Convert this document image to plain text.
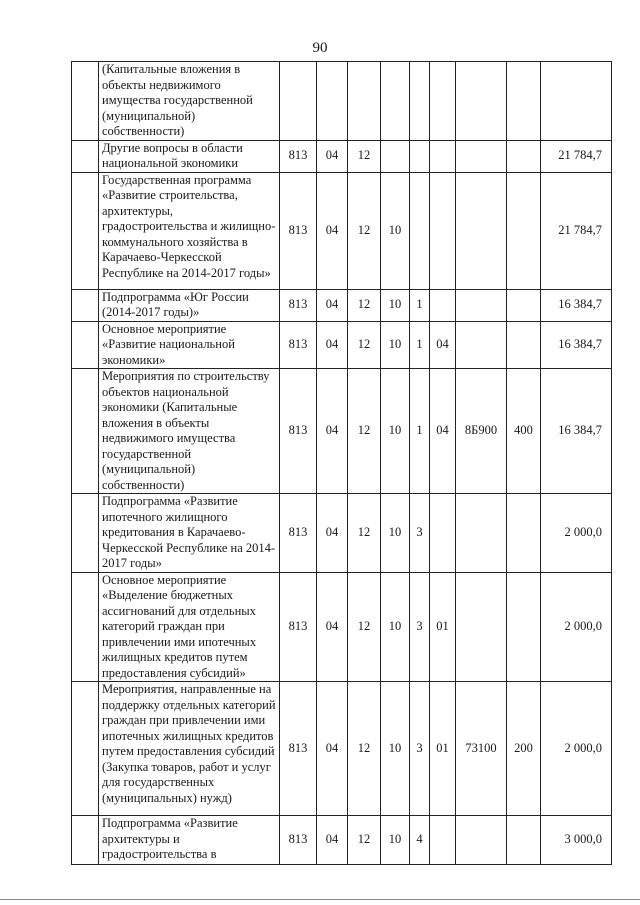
90
	(Капитальные вложения в объекты недвижимого имущества государственной (муниципальной) собственности)									
	Другие вопросы в области национальной экономики	813	04	12						21 784,7
	Государственная программа «Развитие строительства, архитектуры, градостроительства и жилищно-коммунального хозяйства в Карачаево-Черкесской Республике на 2014-2017 годы»	813	04	12	10					21 784,7
	Подпрограмма «Юг России (2014-2017 годы)»	813	04	12	10	1				16 384,7
	Основное мероприятие «Развитие национальной экономики»	813	04	12	10	1	04			16 384,7
	Мероприятия по строительству объектов национальной экономики (Капитальные вложения в объекты недвижимого имущества государственной (муниципальной) собственности)	813	04	12	10	1	04	8Б900	400	16 384,7
	Подпрограмма «Развитие ипотечного жилищного кредитования в Карачаево-Черкесской Республике на 2014-2017 годы»	813	04	12	10	3				2 000,0
	Основное мероприятие «Выделение бюджетных ассигнований для отдельных категорий граждан при привлечении ими ипотечных жилищных кредитов путем предоставления субсидий»	813	04	12	10	3	01			2 000,0
	Мероприятия, направленные на поддержку отдельных категорий граждан при привлечении ими ипотечных жилищных кредитов путем предоставления субсидий (Закупка товаров, работ и услуг для государственных (муниципальных) нужд)	813	04	12	10	3	01	73100	200	2 000,0
	Подпрограмма «Развитие архитектуры и градостроительства в	813	04	12	10	4				3 000,0
